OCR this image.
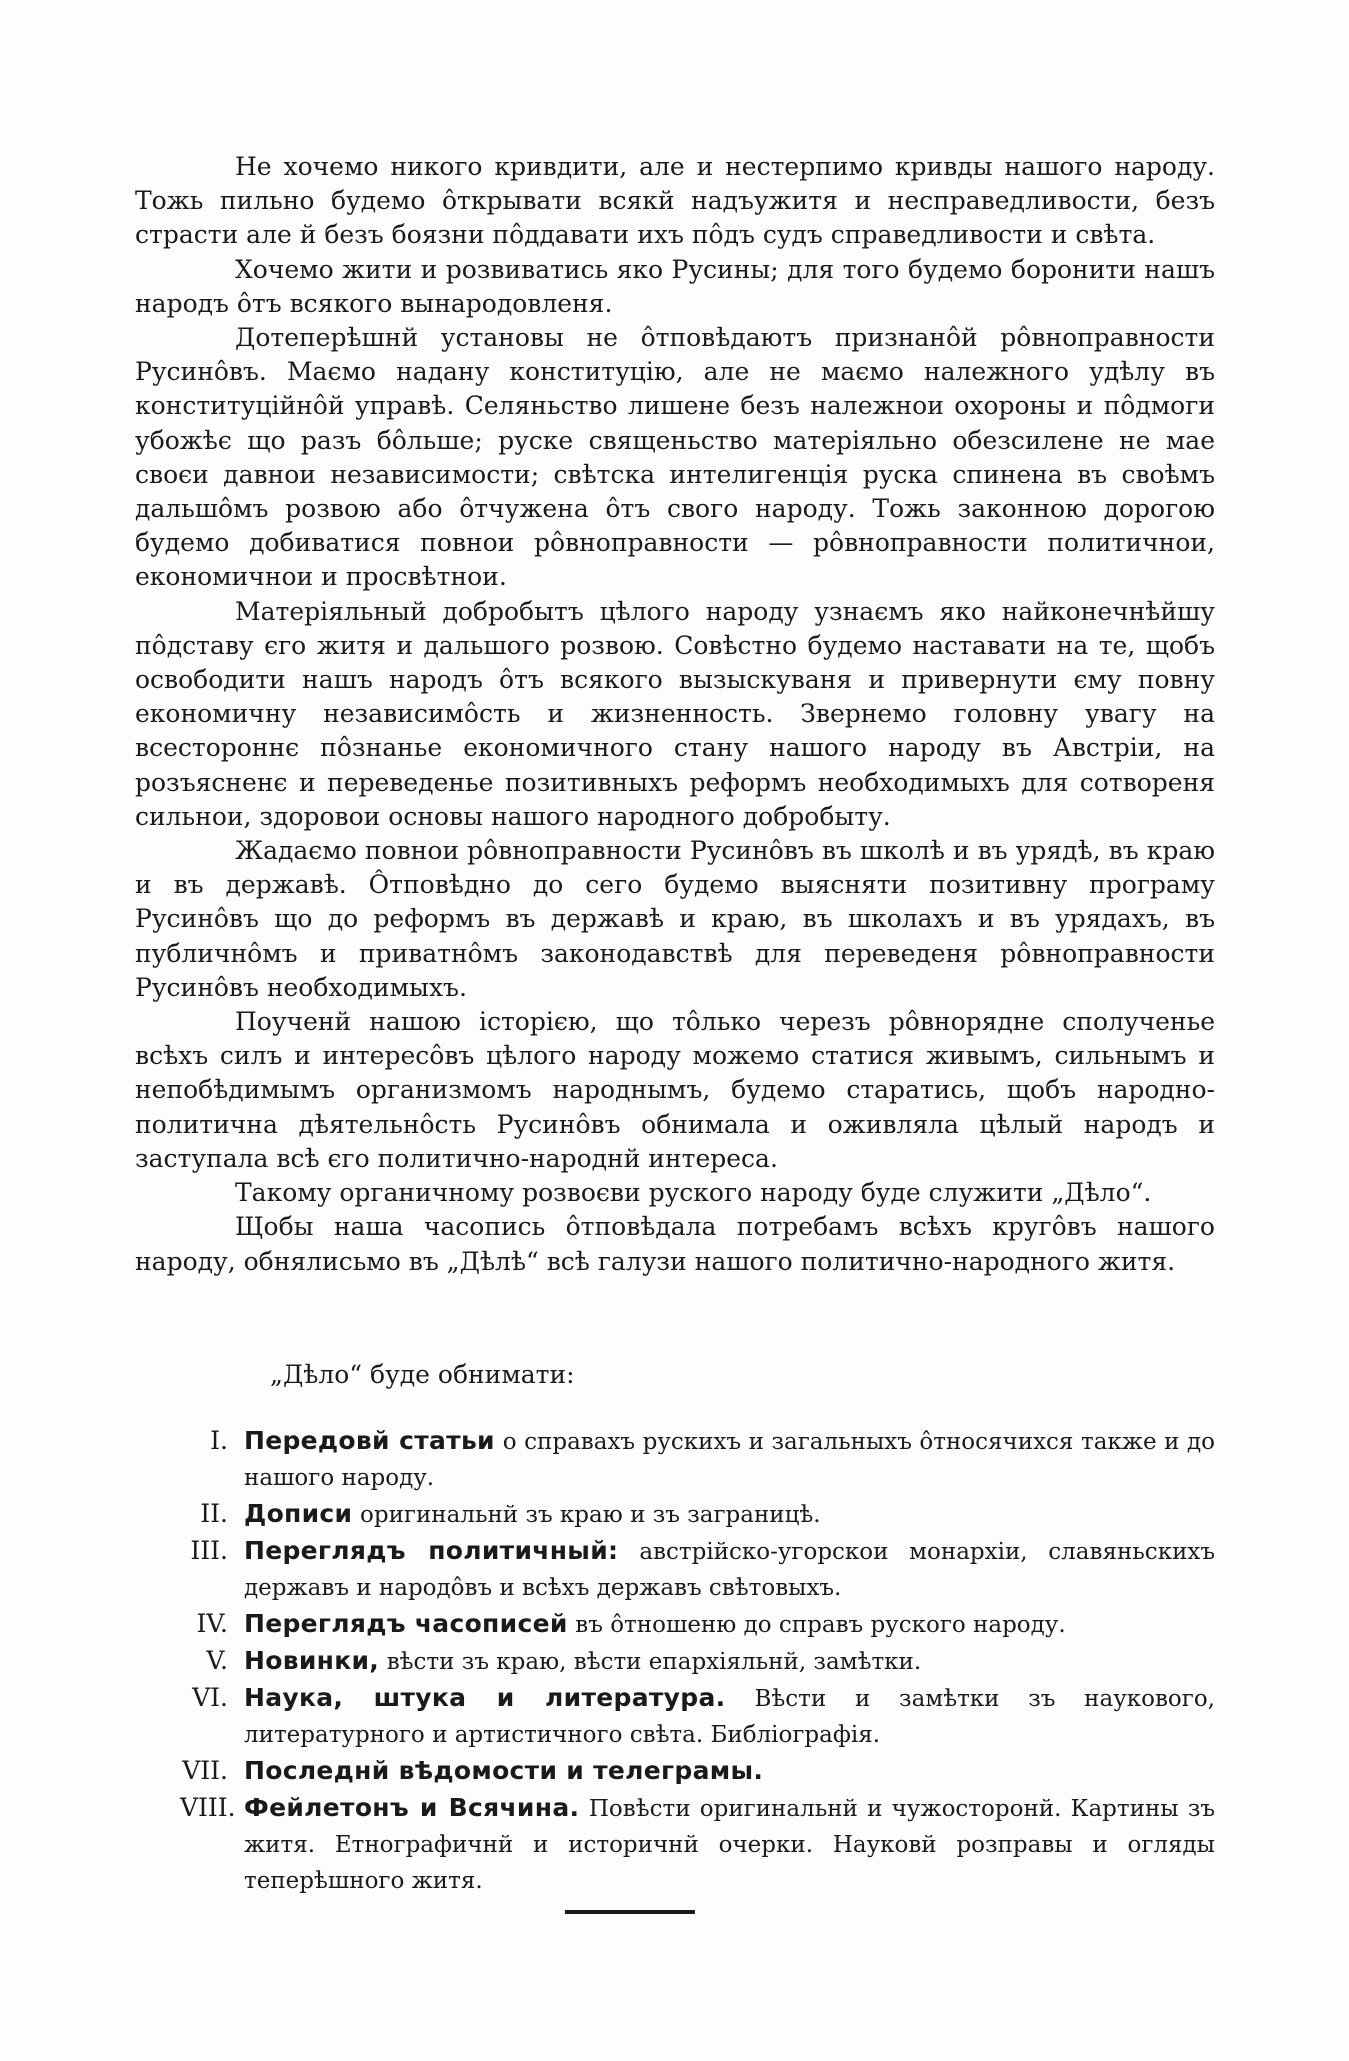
Не хочемо никого кривдити, але и нестерпимо кривды нашого народу. Тожь пильно будемо ôткрывати всякй надъужитя и несправедливости, безъ страсти але й безъ боязни пôддавати ихъ пôдъ судъ справедливости и свѣта.

Хочемо жити и розвиватись яко Русины; для того будемо боронити нашъ народъ ôтъ всякого вынародовленя.

Дотеперѣшнй установы не ôтповѣдаютъ признанôй рôвноправности Русинôвъ. Маємо надану конституцію, але не маємо належного удѣлу въ конституційнôй управѣ. Селяньство лишене безъ належнои охороны и пôдмоги убожѣє що разъ бôльше; руске священьство матеріяльно обезсилене не мае своєи давнои независимости; свѣтска интелигенція руска спинена въ своѣмъ дальшôмъ розвою або ôтчужена ôтъ свого народу. Тожь законною дорогою будемо добиватися повнои рôвноправности — рôвноправности политичнои, економичнои и просвѣтнои.

Матеріяльный добробытъ цѣлого народу узнаємъ яко найконечнѣйшу пôдставу єго житя и дальшого розвою. Совѣстно будемо наставати на те, щобъ освободити нашъ народъ ôтъ всякого вызыскуваня и привернути єму повну економичну независимôсть и жизненность. Звернемо головну увагу на всестороннє пôзнанье економичного стану нашого народу въ Австріи, на розъясненє и переведенье позитивныхъ реформъ необходимыхъ для сотвореня сильнои, здоровои основы нашого народного добробыту.

Жадаємо повнои рôвноправности Русинôвъ въ школѣ и въ урядѣ, въ краю и въ державѣ. Ôтповѣдно до сего будемо выясняти позитивну програму Русинôвъ що до реформъ въ державѣ и краю, въ школахъ и въ урядахъ, въ публичнôмъ и приватнôмъ законодавствѣ для переведеня рôвноправности Русинôвъ необходимыхъ.

Поученй нашою історією, що тôлько черезъ рôвнорядне сполученье всѣхъ силъ и интересôвъ цѣлого народу можемо статися живымъ, сильнымъ и непобѣдимымъ организмомъ народнымъ, будемо старатись, щобъ народно-политична дѣятельнôсть Русинôвъ обнимала и оживляла цѣлый народъ и заступала всѣ єго политично-народнй интереса.

Такому органичному розвоєви руского народу буде служити „Дѣло“.

Щобы наша часопись ôтповѣдала потребамъ всѣхъ кругôвъ нашого народу, обнялисьмо въ „Дѣлѣ“ всѣ галузи нашого политично-народного житя.

„Дѣло“ буде обнимати:
I. Передовй статьи о справахъ рускихъ и загальныхъ ôтносячихся также и до нашого народу.
II. Дописи оригинальнй зъ краю и зъ заграницѣ.
III. Переглядъ политичный: австрійско-угорскои монархіи, славяньскихъ державъ и народôвъ и всѣхъ державъ свѣтовыхъ.
IV. Переглядъ часописей въ ôтношеню до справъ руского народу.
V. Новинки, вѣсти зъ краю, вѣсти епархіяльнй, замѣтки.
VI. Наука, штука и литература. Вѣсти и замѣтки зъ наукового, литературного и артистичного свѣта. Библіографія.
VII. Последнй вѣдомости и телеграмы.
VIII. Фейлетонъ и Всячина. Повѣсти оригинальнй и чужосторонй. Картины зъ житя. Етнографичнй и историчнй очерки. Науковй розправы и огляды теперѣшного житя.
